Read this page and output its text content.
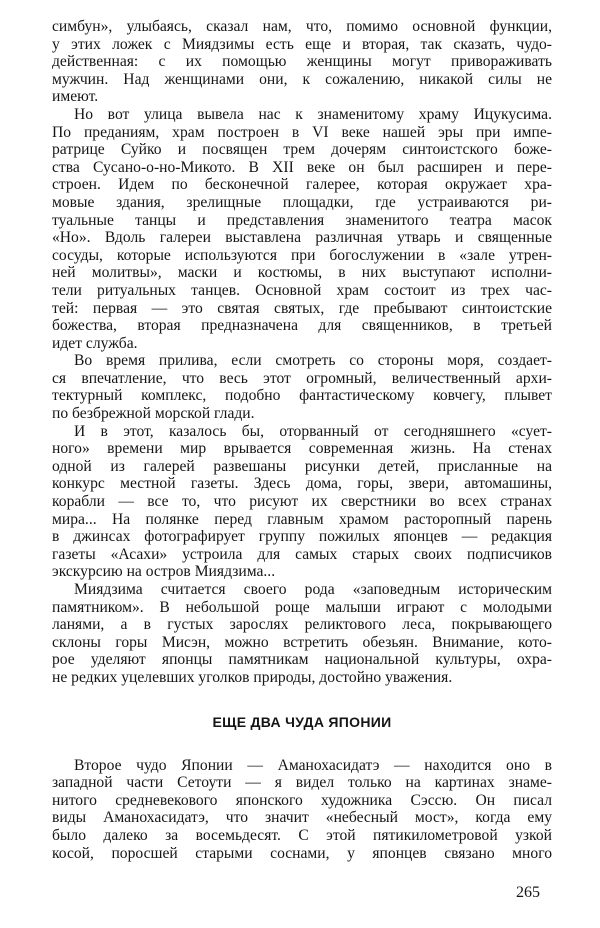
симбун», улыбаясь, сказал нам, что, помимо основной функции,
у этих ложек с Миядзимы есть еще и вторая, так сказать, чудо-
действенная: с их помощью женщины могут привораживать
мужчин. Над женщинами они, к сожалению, никакой силы не
имеют.
Но вот улица вывела нас к знаменитому храму Ицукусима.
По преданиям, храм построен в VI веке нашей эры при импе-
ратрице Суйко и посвящен трем дочерям синтоистского боже-
ства Сусано-о-но-Микото. В XII веке он был расширен и пере-
строен. Идем по бесконечной галерее, которая окружает хра-
мовые здания, зрелищные площадки, где устраиваются ри-
туальные танцы и представления знаменитого театра масок
«Но». Вдоль галереи выставлена различная утварь и священные
сосуды, которые используются при богослужении в «зале утрен-
ней молитвы», маски и костюмы, в них выступают исполни-
тели ритуальных танцев. Основной храм состоит из трех час-
тей: первая — это святая святых, где пребывают синтоистские
божества, вторая предназначена для священников, в третьей
идет служба.
Во время прилива, если смотреть со стороны моря, создает-
ся впечатление, что весь этот огромный, величественный архи-
тектурный комплекс, подобно фантастическому ковчегу, плывет
по безбрежной морской глади.
И в этот, казалось бы, оторванный от сегодняшнего «сует-
ного» времени мир врывается современная жизнь. На стенах
одной из галерей развешаны рисунки детей, присланные на
конкурс местной газеты. Здесь дома, горы, звери, автомашины,
корабли — все то, что рисуют их сверстники во всех странах
мира... На полянке перед главным храмом расторопный парень
в джинсах фотографирует группу пожилых японцев — редакция
газеты «Асахи» устроила для самых старых своих подписчиков
экскурсию на остров Миядзима...
Миядзима считается своего рода «заповедным историческим
памятником». В небольшой роще малыши играют с молодыми
ланями, а в густых зарослях реликтового леса, покрывающего
склоны горы Мисэн, можно встретить обезьян. Внимание, кото-
рое уделяют японцы памятникам национальной культуры, охра-
не редких уцелевших уголков природы, достойно уважения.
ЕЩЕ ДВА ЧУДА ЯПОНИИ
Второе чудо Японии — Аманохасидатэ — находится оно в
западной части Сетоути — я видел только на картинах знаме-
нитого средневекового японского художника Сэссю. Он писал
виды Аманохасидатэ, что значит «небесный мост», когда ему
было далеко за восемьдесят. С этой пятикилометровой узкой
косой, поросшей старыми соснами, у японцев связано много
265
